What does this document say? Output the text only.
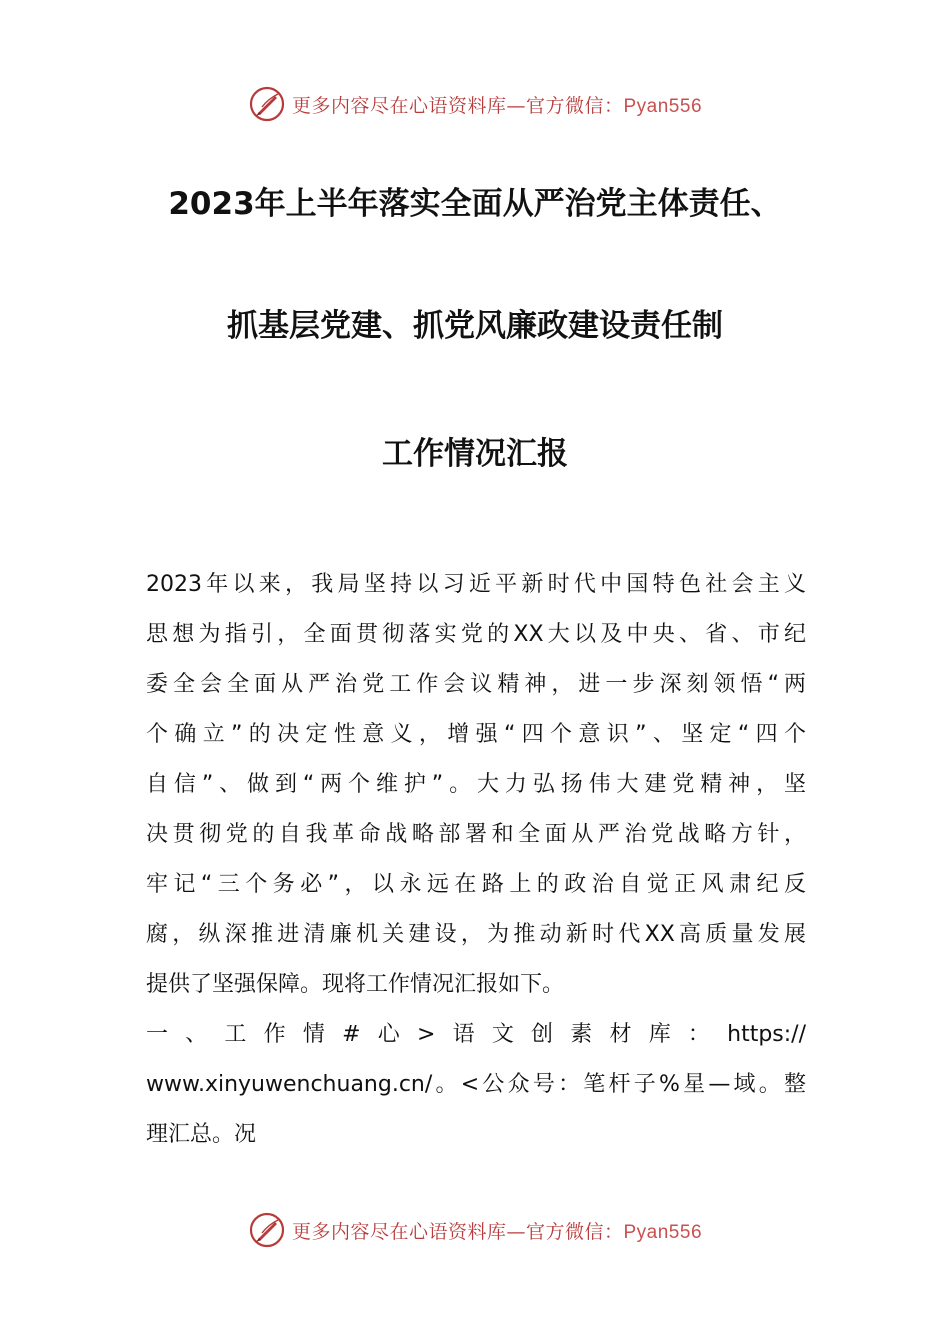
更多内容尽在心语资料库—官方微信：Pyan556
2023年上半年落实全面从严治党主体责任、
抓基层党建、抓党风廉政建设责任制
工作情况汇报
2023年以来，我局坚持以习近平新时代中国特色社会主义
思想为指引，全面贯彻落实党的XX大以及中央、省、市纪
委全会全面从严治党工作会议精神，进一步深刻领悟“两
个确立”的决定性意义，增强“四个意识”、坚定“四个
自信”、做到“两个维护”。大力弘扬伟大建党精神，坚
决贯彻党的自我革命战略部署和全面从严治党战略方针，
牢记“三个务必”，以永远在路上的政治自觉正风肃纪反
腐，纵深推进清廉机关建设，为推动新时代XX高质量发展
提供了坚强保障。现将工作情况汇报如下。
一、工作情#心>语文创素材库：https://
www.xinyuwenchuang.cn/。<公众号：笔杆子%星—域。整
理汇总。况
更多内容尽在心语资料库—官方微信：Pyan556
